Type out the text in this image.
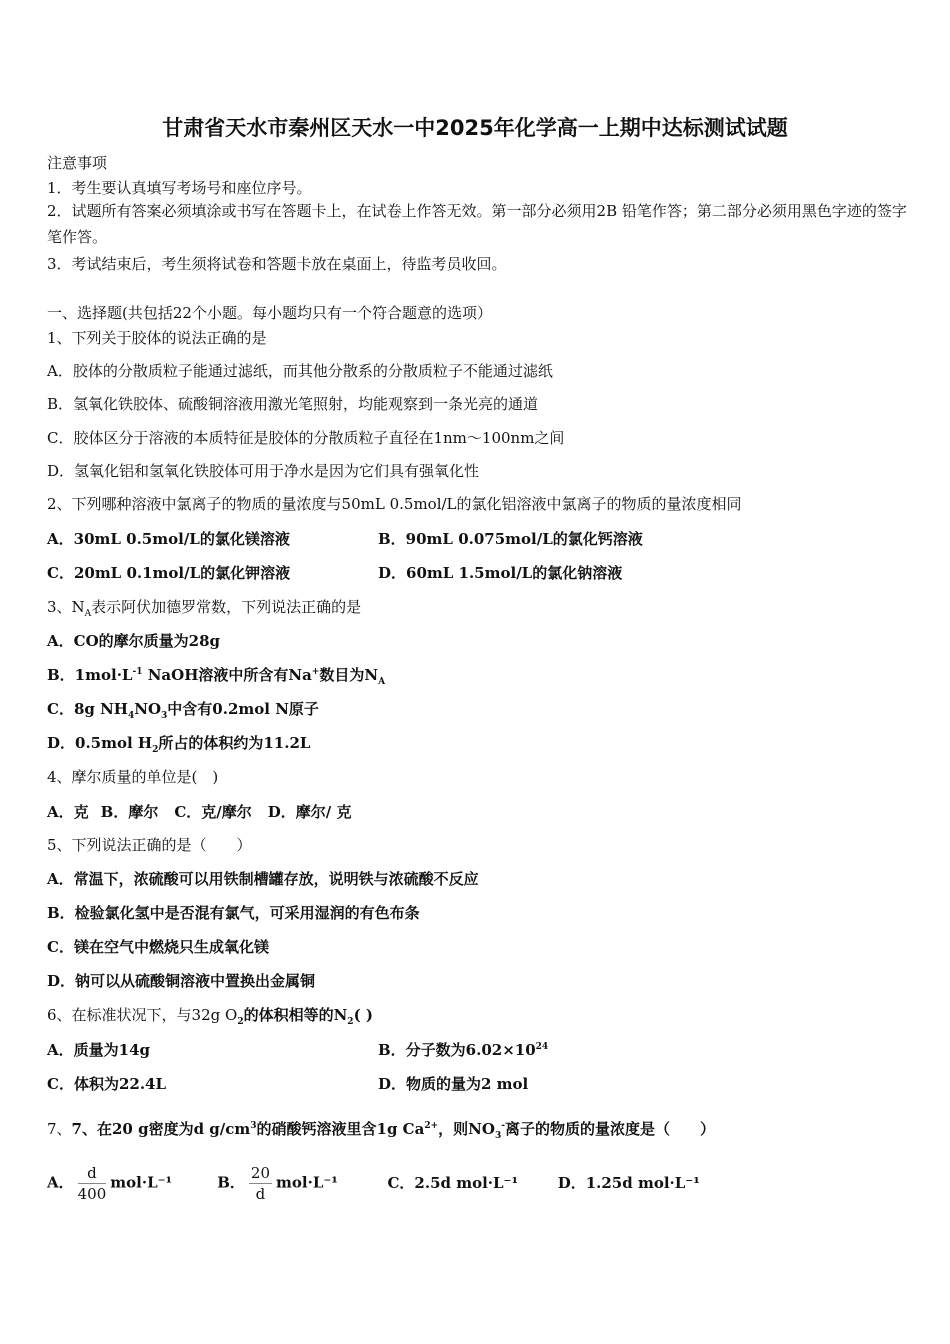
甘肃省天水市秦州区天水一中2025年化学高一上期中达标测试试题
注意事项
1．考生要认真填写考场号和座位序号。
2．试题所有答案必须填涂或书写在答题卡上，在试卷上作答无效。第一部分必须用2B 铅笔作答；第二部分必须用黑色字迹的签字笔作答。
3．考试结束后，考生须将试卷和答题卡放在桌面上，待监考员收回。
一、选择题(共包括22个小题。每小题均只有一个符合题意的选项）
1、下列关于胶体的说法正确的是
A．胶体的分散质粒子能通过滤纸，而其他分散系的分散质粒子不能通过滤纸
B．氢氧化铁胶体、硫酸铜溶液用激光笔照射，均能观察到一条光亮的通道
C．胶体区分于溶液的本质特征是胶体的分散质粒子直径在1nm～100nm之间
D．氢氧化铝和氢氧化铁胶体可用于净水是因为它们具有强氧化性
2、下列哪种溶液中氯离子的物质的量浓度与50mL 0.5mol/L的氯化铝溶液中氯离子的物质的量浓度相同
A．30mL 0.5mol/L的氯化镁溶液	B．90mL 0.075mol/L的氯化钙溶液
C．20mL 0.1mol/L的氯化钾溶液	D．60mL 1.5mol/L的氯化钠溶液
3、$N_A$表示阿伏加德罗常数，下列说法正确的是
A．CO的摩尔质量为28g
B．$1mol\cdot L^{-1}$ NaOH溶液中所含有Na+数目为$N_A$
C．8g $NH_4NO_3$中含有0.2mol N原子
D．0.5mol $H_2$所占的体积约为11.2L
4、摩尔质量的单位是(　)
A．克 B．摩尔 C．克/摩尔 D．摩尔/ 克
5、下列说法正确的是（　　）
A．常温下，浓硫酸可以用铁制槽罐存放，说明铁与浓硫酸不反应
B．检验氯化氢中是否混有氯气，可采用湿润的有色布条
C．镁在空气中燃烧只生成氧化镁
D．钠可以从硫酸铜溶液中置换出金属铜
6、在标准状况下，与32g $O_2$的体积相等的$N_2$( )
A．质量为14g	B．分子数为$6.02\times 10^{24}$
C．体积为22.4L	D．物质的量为2 mol
7、7、在20 g密度为d $g/cm^3$的硝酸钙溶液里含1g $Ca^{2+}$，则$NO_3^-$离子的物质的量浓度是（　　）
A． $\frac{d}{400} mol\cdot L^{-1}$	B． $\frac{20}{d} mol\cdot L^{-1}$	C．2.5d mol·L⁻¹	D．1.25d mol·L⁻¹
